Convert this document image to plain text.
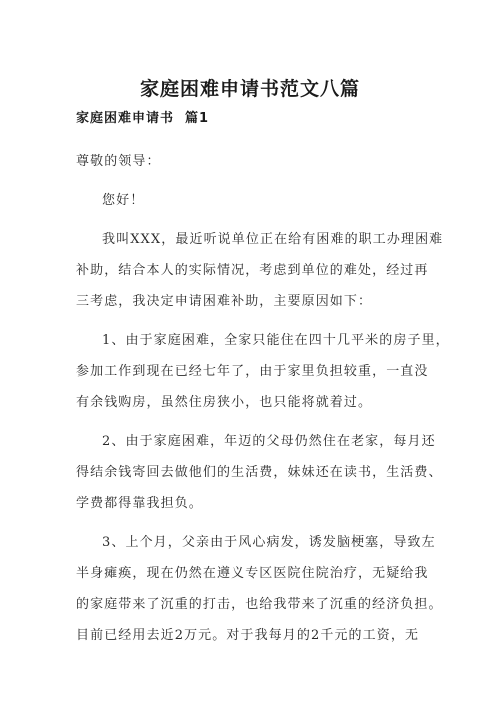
家庭困难申请书范文八篇
家庭困难申请书  篇1
尊敬的领导：
您好！
我叫XXX，最近听说单位正在给有困难的职工办理困难
补助，结合本人的实际情况，考虑到单位的难处，经过再
三考虑，我决定申请困难补助，主要原因如下：
1、由于家庭困难，全家只能住在四十几平米的房子里，
参加工作到现在已经七年了，由于家里负担较重，一直没
有余钱购房，虽然住房狭小，也只能将就着过。
2、由于家庭困难，年迈的父母仍然住在老家，每月还
得结余钱寄回去做他们的生活费，妹妹还在读书，生活费、
学费都得靠我担负。
3、上个月，父亲由于风心病发，诱发脑梗塞，导致左
半身瘫痪，现在仍然在遵义专区医院住院治疗，无疑给我
的家庭带来了沉重的打击，也给我带来了沉重的经济负担。
目前已经用去近2万元。对于我每月的2千元的工资，无
